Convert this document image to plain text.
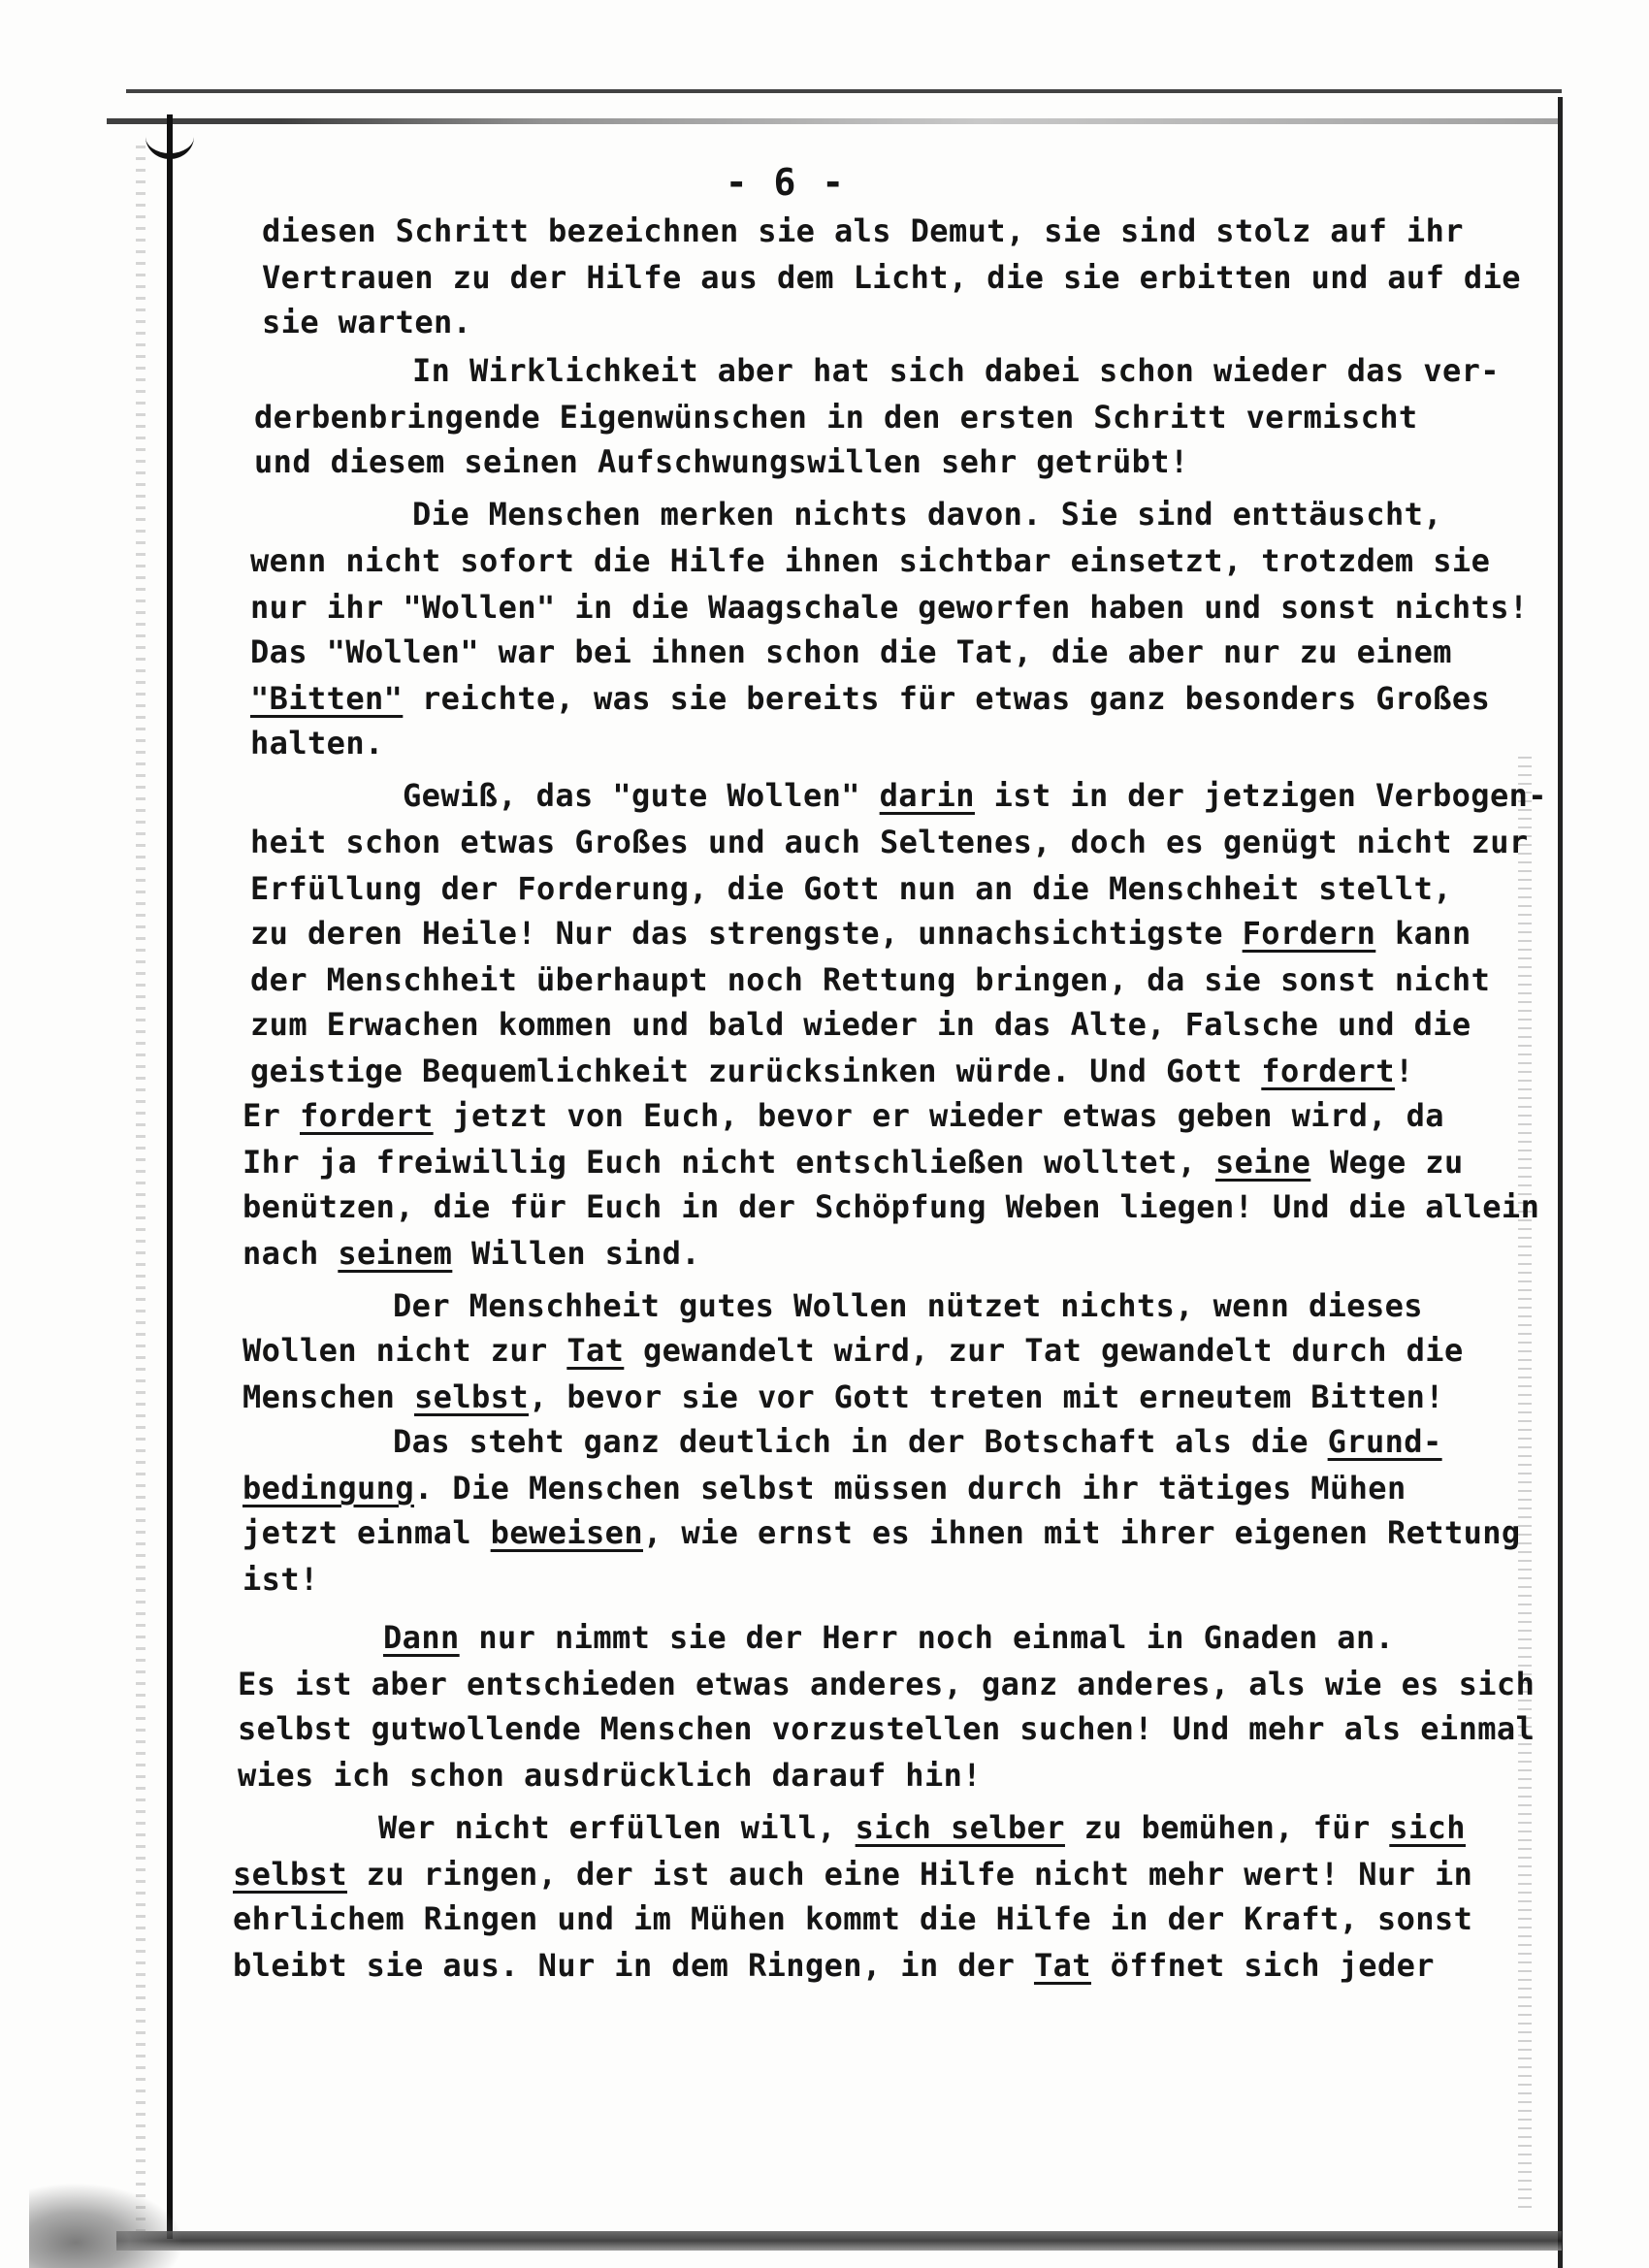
- 6 -
diesen Schritt bezeichnen sie als Demut, sie sind stolz auf ihr
Vertrauen zu der Hilfe aus dem Licht, die sie erbitten und auf die
sie warten.
In Wirklichkeit aber hat sich dabei schon wieder das ver-
derbenbringende Eigenwünschen in den ersten Schritt vermischt
und diesem seinen Aufschwungswillen sehr getrübt!
Die Menschen merken nichts davon. Sie sind enttäuscht,
wenn nicht sofort die Hilfe ihnen sichtbar einsetzt, trotzdem sie
nur ihr "Wollen" in die Waagschale geworfen haben und sonst nichts!
Das "Wollen" war bei ihnen schon die Tat, die aber nur zu einem
"Bitten" reichte, was sie bereits für etwas ganz besonders Großes
halten.
Gewiß, das "gute Wollen" darin ist in der jetzigen Verbogen-
heit schon etwas Großes und auch Seltenes, doch es genügt nicht zur
Erfüllung der Forderung, die Gott nun an die Menschheit stellt,
zu deren Heile! Nur das strengste, unnachsichtigste Fordern kann
der Menschheit überhaupt noch Rettung bringen, da sie sonst nicht
zum Erwachen kommen und bald wieder in das Alte, Falsche und die
geistige Bequemlichkeit zurücksinken würde. Und Gott fordert!
Er fordert jetzt von Euch, bevor er wieder etwas geben wird, da
Ihr ja freiwillig Euch nicht entschließen wolltet, seine Wege zu
benützen, die für Euch in der Schöpfung Weben liegen! Und die allein
nach seinem Willen sind.
Der Menschheit gutes Wollen nützet nichts, wenn dieses
Wollen nicht zur Tat gewandelt wird, zur Tat gewandelt durch die
Menschen selbst, bevor sie vor Gott treten mit erneutem Bitten!
Das steht ganz deutlich in der Botschaft als die Grund-
bedingung. Die Menschen selbst müssen durch ihr tätiges Mühen
jetzt einmal beweisen, wie ernst es ihnen mit ihrer eigenen Rettung
ist!
Dann nur nimmt sie der Herr noch einmal in Gnaden an.
Es ist aber entschieden etwas anderes, ganz anderes, als wie es sich
selbst gutwollende Menschen vorzustellen suchen! Und mehr als einmal
wies ich schon ausdrücklich darauf hin!
Wer nicht erfüllen will, sich selber zu bemühen, für sich
selbst zu ringen, der ist auch eine Hilfe nicht mehr wert! Nur in
ehrlichem Ringen und im Mühen kommt die Hilfe in der Kraft, sonst
bleibt sie aus. Nur in dem Ringen, in der Tat öffnet sich jeder
